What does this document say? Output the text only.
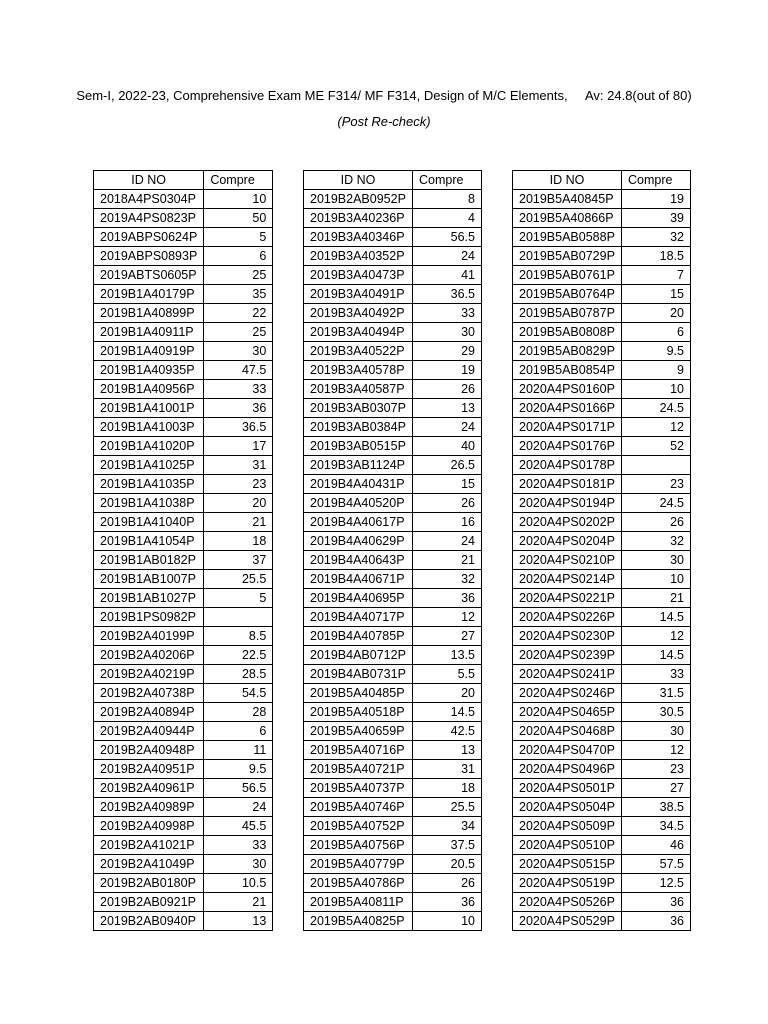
Sem-I, 2022-23, Comprehensive Exam ME F314/ MF F314, Design of M/C Elements,     Av: 24.8(out of 80)
(Post Re-check)
ID NO	Compre
2018A4PS0304P	10
2019A4PS0823P	50
2019ABPS0624P	5
2019ABPS0893P	6
2019ABTS0605P	25
2019B1A40179P	35
2019B1A40899P	22
2019B1A40911P	25
2019B1A40919P	30
2019B1A40935P	47.5
2019B1A40956P	33
2019B1A41001P	36
2019B1A41003P	36.5
2019B1A41020P	17
2019B1A41025P	31
2019B1A41035P	23
2019B1A41038P	20
2019B1A41040P	21
2019B1A41054P	18
2019B1AB0182P	37
2019B1AB1007P	25.5
2019B1AB1027P	5
2019B1PS0982P	
2019B2A40199P	8.5
2019B2A40206P	22.5
2019B2A40219P	28.5
2019B2A40738P	54.5
2019B2A40894P	28
2019B2A40944P	6
2019B2A40948P	11
2019B2A40951P	9.5
2019B2A40961P	56.5
2019B2A40989P	24
2019B2A40998P	45.5
2019B2A41021P	33
2019B2A41049P	30
2019B2AB0180P	10.5
2019B2AB0921P	21
2019B2AB0940P	13
ID NO	Compre
2019B2AB0952P	8
2019B3A40236P	4
2019B3A40346P	56.5
2019B3A40352P	24
2019B3A40473P	41
2019B3A40491P	36.5
2019B3A40492P	33
2019B3A40494P	30
2019B3A40522P	29
2019B3A40578P	19
2019B3A40587P	26
2019B3AB0307P	13
2019B3AB0384P	24
2019B3AB0515P	40
2019B3AB1124P	26.5
2019B4A40431P	15
2019B4A40520P	26
2019B4A40617P	16
2019B4A40629P	24
2019B4A40643P	21
2019B4A40671P	32
2019B4A40695P	36
2019B4A40717P	12
2019B4A40785P	27
2019B4AB0712P	13.5
2019B4AB0731P	5.5
2019B5A40485P	20
2019B5A40518P	14.5
2019B5A40659P	42.5
2019B5A40716P	13
2019B5A40721P	31
2019B5A40737P	18
2019B5A40746P	25.5
2019B5A40752P	34
2019B5A40756P	37.5
2019B5A40779P	20.5
2019B5A40786P	26
2019B5A40811P	36
2019B5A40825P	10
ID NO	Compre
2019B5A40845P	19
2019B5A40866P	39
2019B5AB0588P	32
2019B5AB0729P	18.5
2019B5AB0761P	7
2019B5AB0764P	15
2019B5AB0787P	20
2019B5AB0808P	6
2019B5AB0829P	9.5
2019B5AB0854P	9
2020A4PS0160P	10
2020A4PS0166P	24.5
2020A4PS0171P	12
2020A4PS0176P	52
2020A4PS0178P	
2020A4PS0181P	23
2020A4PS0194P	24.5
2020A4PS0202P	26
2020A4PS0204P	32
2020A4PS0210P	30
2020A4PS0214P	10
2020A4PS0221P	21
2020A4PS0226P	14.5
2020A4PS0230P	12
2020A4PS0239P	14.5
2020A4PS0241P	33
2020A4PS0246P	31.5
2020A4PS0465P	30.5
2020A4PS0468P	30
2020A4PS0470P	12
2020A4PS0496P	23
2020A4PS0501P	27
2020A4PS0504P	38.5
2020A4PS0509P	34.5
2020A4PS0510P	46
2020A4PS0515P	57.5
2020A4PS0519P	12.5
2020A4PS0526P	36
2020A4PS0529P	36
